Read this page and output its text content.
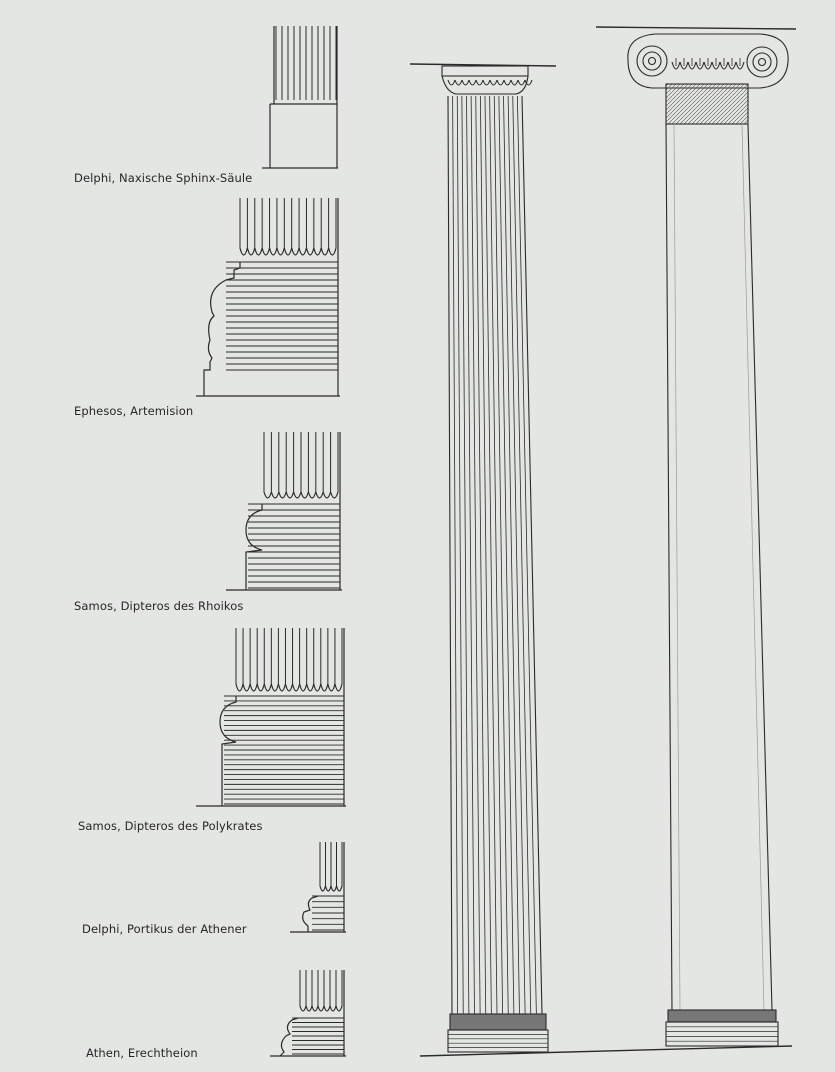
Delphi, Naxische Sphinx-Säule
Ephesos, Artemision
Samos, Dipteros des Rhoikos
Samos, Dipteros des Polykrates
Delphi, Portikus der Athener
Athen, Erechtheion
